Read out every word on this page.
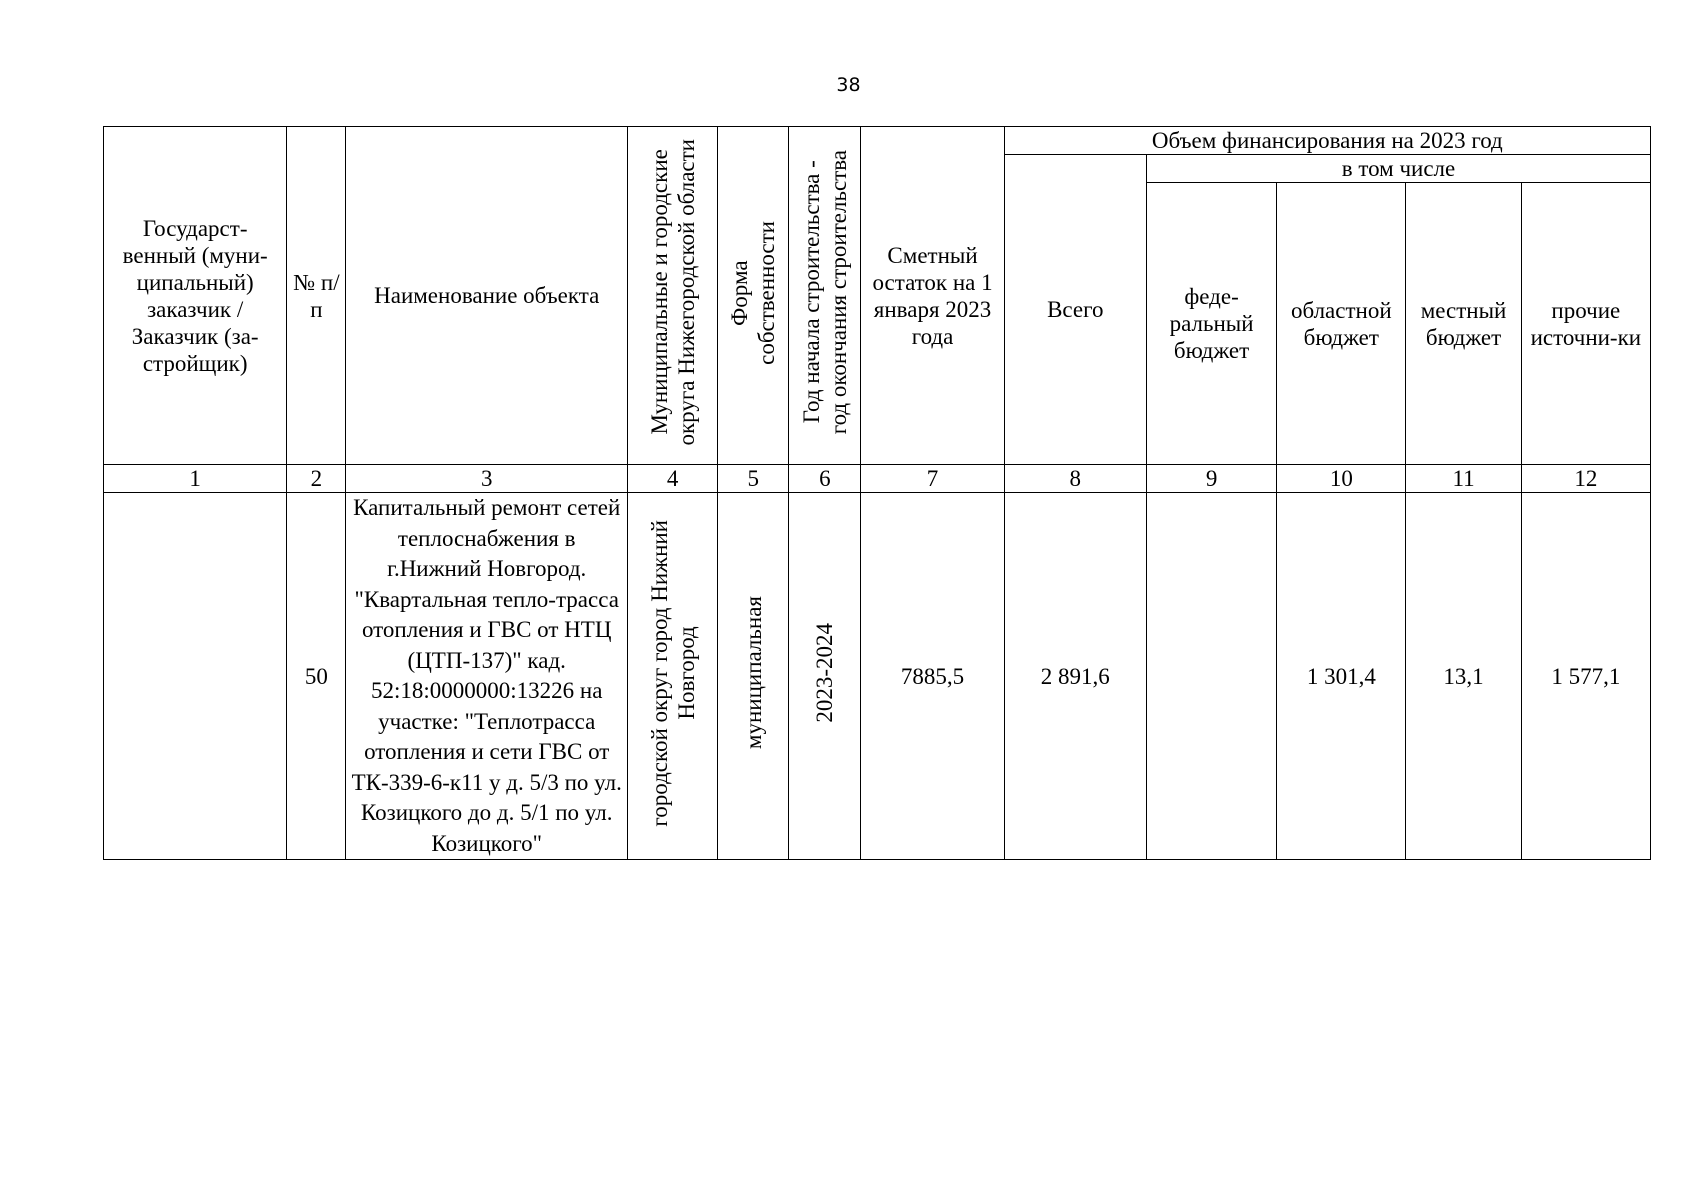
38
Государст-венный (муни-ципальный) заказчик / Заказчик (за-стройщик)	№ п/п	Наименование объекта	Муниципальные и городские округа Нижегородской области	Форма собственности	Год начала строительства - год окончания строительства	Сметный остаток на 1 января 2023 года	Объем финансирования на 2023 год				
							Всего	в том числе			
								феде-ральный бюджет	областной бюджет	местный бюджет	прочие источни-ки
1	2	3	4	5	6	7	8	9	10	11	12
	50	Капитальный ремонт сетей теплоснабжения в г.Нижний Новгород. "Квартальная тепло-трасса отопления и ГВС от НТЦ (ЦТП-137)" кад. 52:18:0000000:13226 на участке: "Теплотрасса отопления и сети ГВС от ТК-339-6-к11 у д. 5/3 по ул. Козицкого до д. 5/1 по ул. Козицкого"	городской округ город Нижний Новгород	муниципальная	2023-2024	7885,5	2 891,6		1 301,4	13,1	1 577,1
